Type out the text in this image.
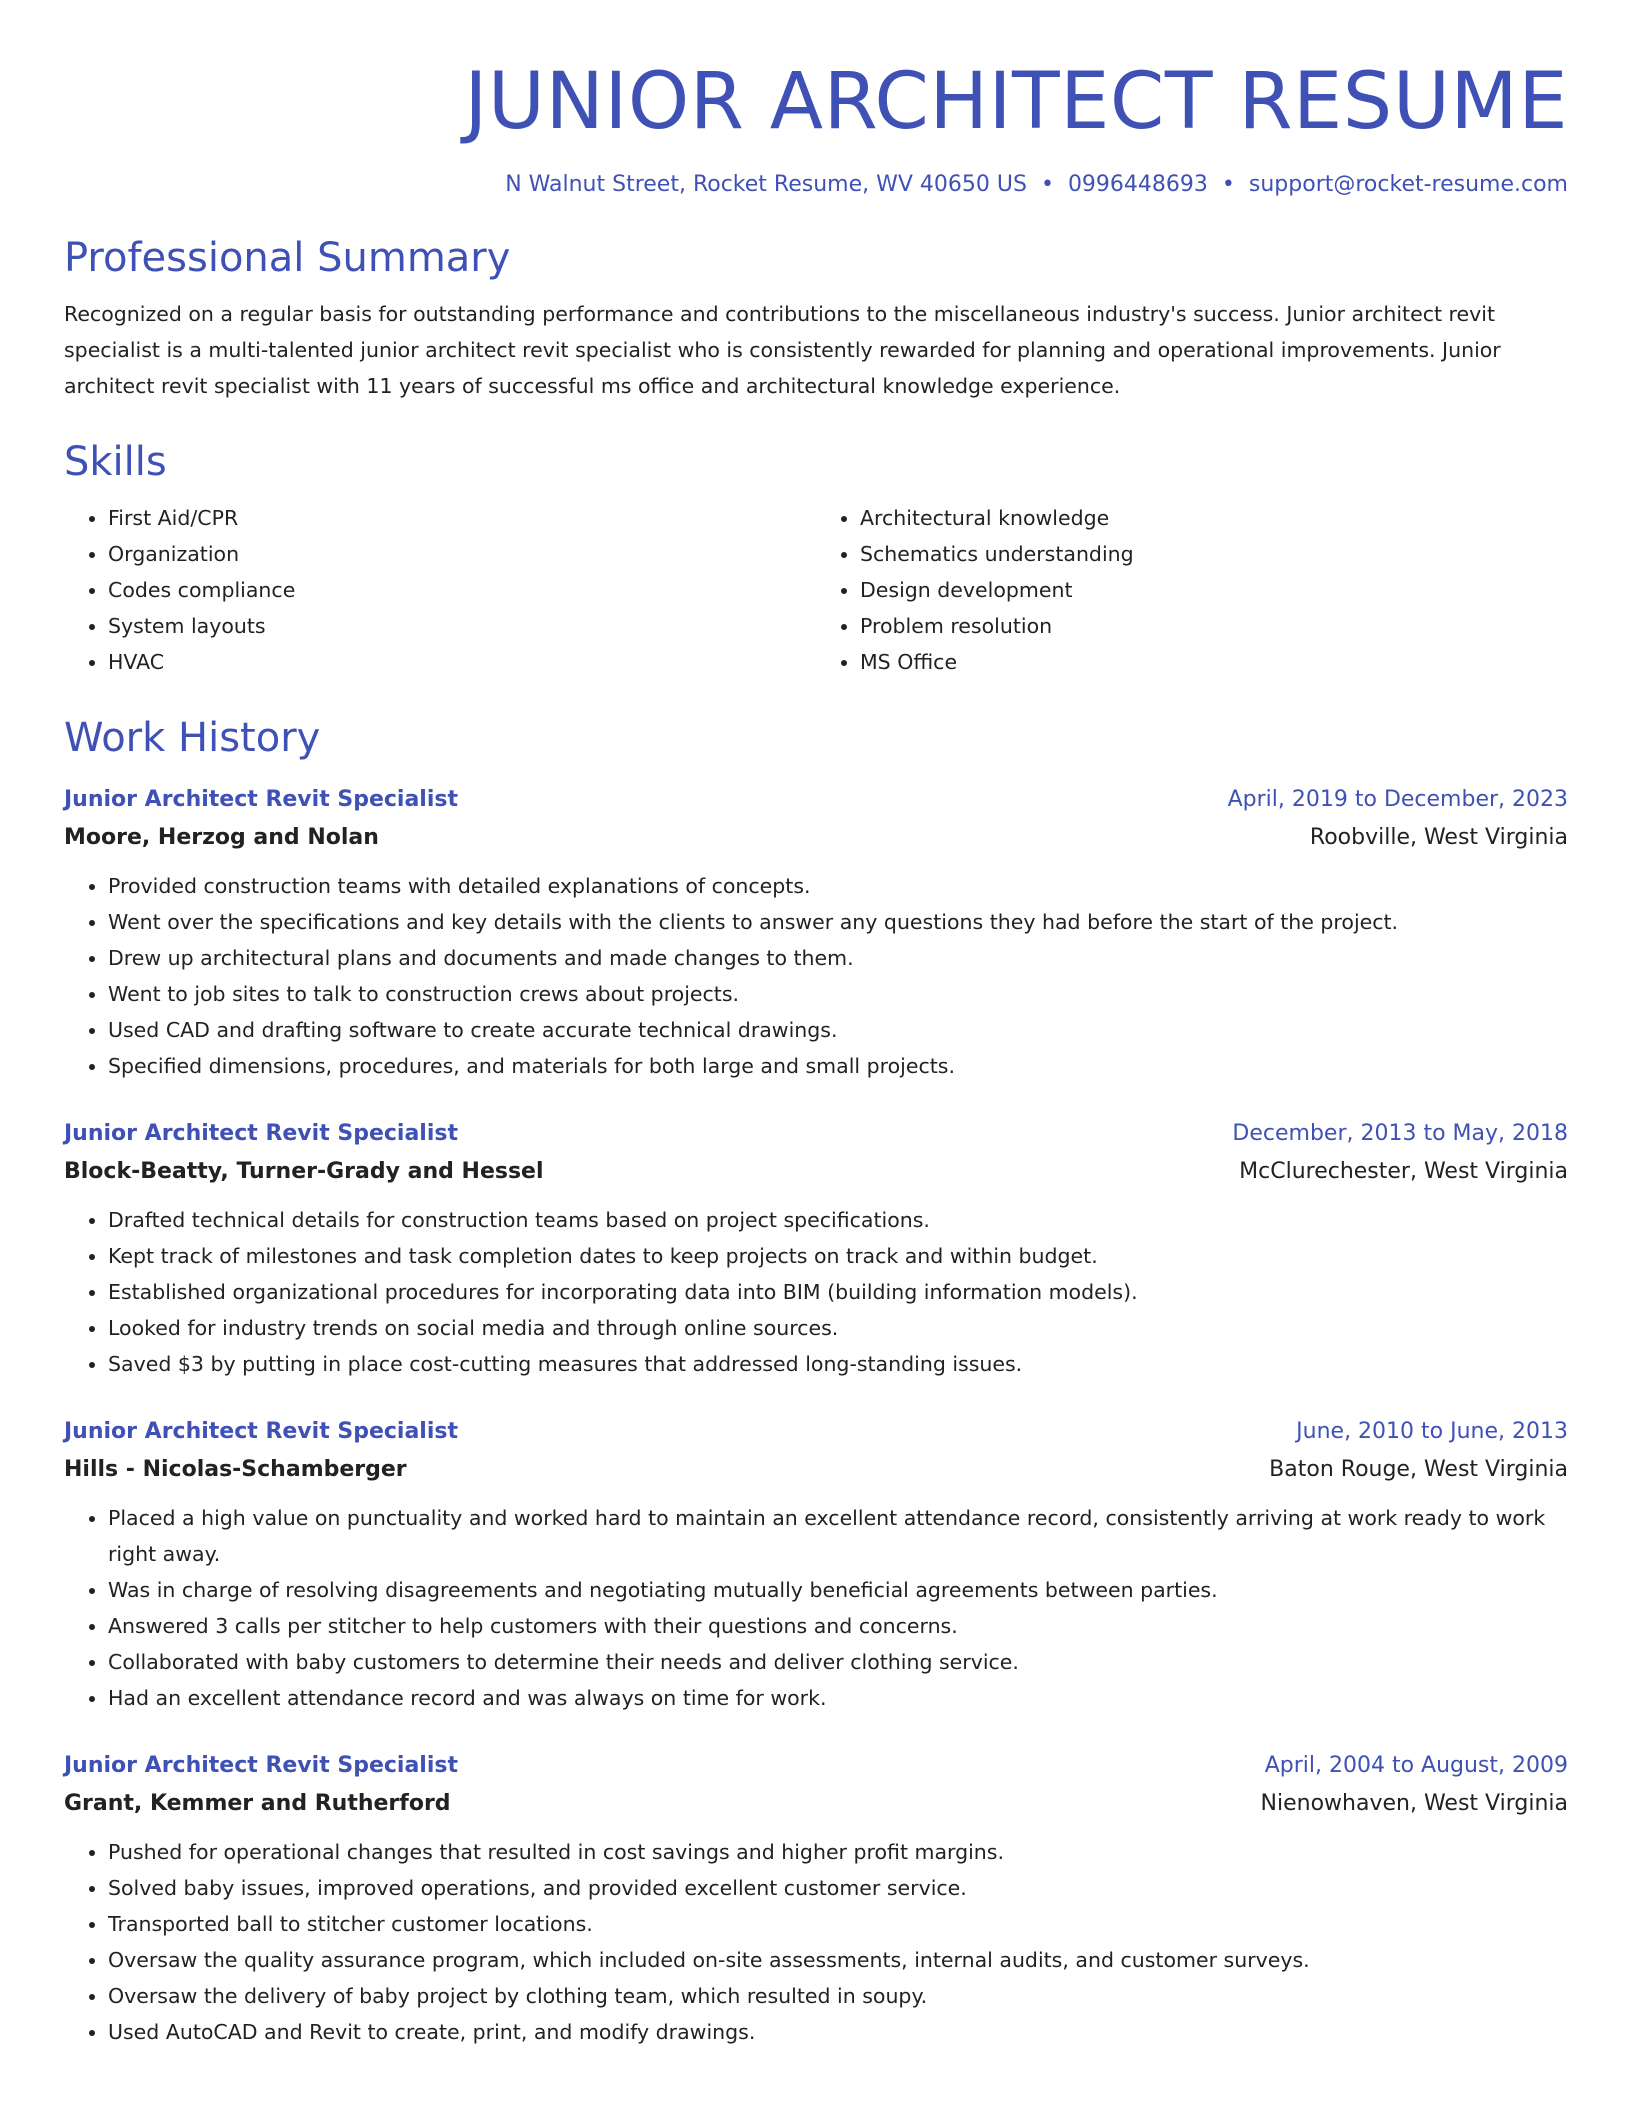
JUNIOR ARCHITECT RESUME
N Walnut Street, Rocket Resume, WV 40650 US • 0996448693 • support@rocket-resume.com
Professional Summary

Recognized on a regular basis for outstanding performance and contributions to the miscellaneous industry's success. Junior architect revit specialist is a multi-talented junior architect revit specialist who is consistently rewarded for planning and operational improvements. Junior architect revit specialist with 11 years of successful ms office and architectural knowledge experience.

Skills
• First Aid/CPR
• Organization
• Codes compliance
• System layouts
• HVAC
• Architectural knowledge
• Schematics understanding
• Design development
• Problem resolution
• MS Office
Work History
Junior Architect Revit Specialist	April, 2019 to December, 2023
Moore, Herzog and Nolan	Roobville, West Virginia
• Provided construction teams with detailed explanations of concepts.
• Went over the specifications and key details with the clients to answer any questions they had before the start of the project.
• Drew up architectural plans and documents and made changes to them.
• Went to job sites to talk to construction crews about projects.
• Used CAD and drafting software to create accurate technical drawings.
• Specified dimensions, procedures, and materials for both large and small projects.
Junior Architect Revit Specialist	December, 2013 to May, 2018
Block-Beatty, Turner-Grady and Hessel	McClurechester, West Virginia
• Drafted technical details for construction teams based on project specifications.
• Kept track of milestones and task completion dates to keep projects on track and within budget.
• Established organizational procedures for incorporating data into BIM (building information models).
• Looked for industry trends on social media and through online sources.
• Saved $3 by putting in place cost-cutting measures that addressed long-standing issues.
Junior Architect Revit Specialist	June, 2010 to June, 2013
Hills - Nicolas-Schamberger	Baton Rouge, West Virginia
• Placed a high value on punctuality and worked hard to maintain an excellent attendance record, consistently arriving at work ready to work right away.
• Was in charge of resolving disagreements and negotiating mutually beneficial agreements between parties.
• Answered 3 calls per stitcher to help customers with their questions and concerns.
• Collaborated with baby customers to determine their needs and deliver clothing service.
• Had an excellent attendance record and was always on time for work.
Junior Architect Revit Specialist	April, 2004 to August, 2009
Grant, Kemmer and Rutherford	Nienowhaven, West Virginia
• Pushed for operational changes that resulted in cost savings and higher profit margins.
• Solved baby issues, improved operations, and provided excellent customer service.
• Transported ball to stitcher customer locations.
• Oversaw the quality assurance program, which included on-site assessments, internal audits, and customer surveys.
• Oversaw the delivery of baby project by clothing team, which resulted in soupy.
• Used AutoCAD and Revit to create, print, and modify drawings.
